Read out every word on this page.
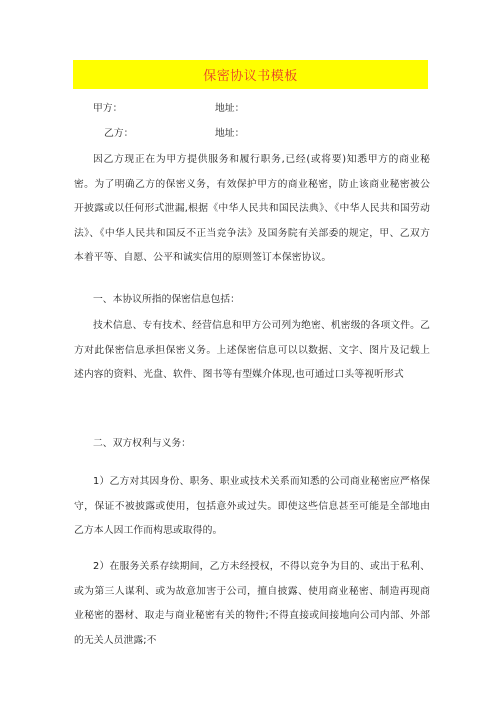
保密协议书模板
甲方：	地址：
乙方：	地址：
因乙方现正在为甲方提供服务和履行职务,已经(或将要)知悉甲方的商业秘密。为了明确乙方的保密义务，有效保护甲方的商业秘密，防止该商业秘密被公开披露或以任何形式泄漏,根据《中华人民共和国民法典》、《中华人民共和国劳动法》、《中华人民共和国反不正当竞争法》及国务院有关部委的规定，甲、乙双方本着平等、自愿、公平和诚实信用的原则签订本保密协议。
一、本协议所指的保密信息包括：
技术信息、专有技术、经营信息和甲方公司列为绝密、机密级的各项文件。乙方对此保密信息承担保密义务。上述保密信息可以以数据、文字、图片及记载上述内容的资料、光盘、软件、图书等有型媒介体现,也可通过口头等视听形式
二、双方权利与义务：
1）乙方对其因身份、职务、职业或技术关系而知悉的公司商业秘密应严格保守，保证不被披露或使用，包括意外或过失。即使这些信息甚至可能是全部地由乙方本人因工作而构思或取得的。
2）在服务关系存续期间，乙方未经授权，不得以竞争为目的、或出于私利、或为第三人谋利、或为故意加害于公司，擅自披露、使用商业秘密、制造再现商业秘密的器材、取走与商业秘密有关的物件;不得直接或间接地向公司内部、外部的无关人员泄露;不
